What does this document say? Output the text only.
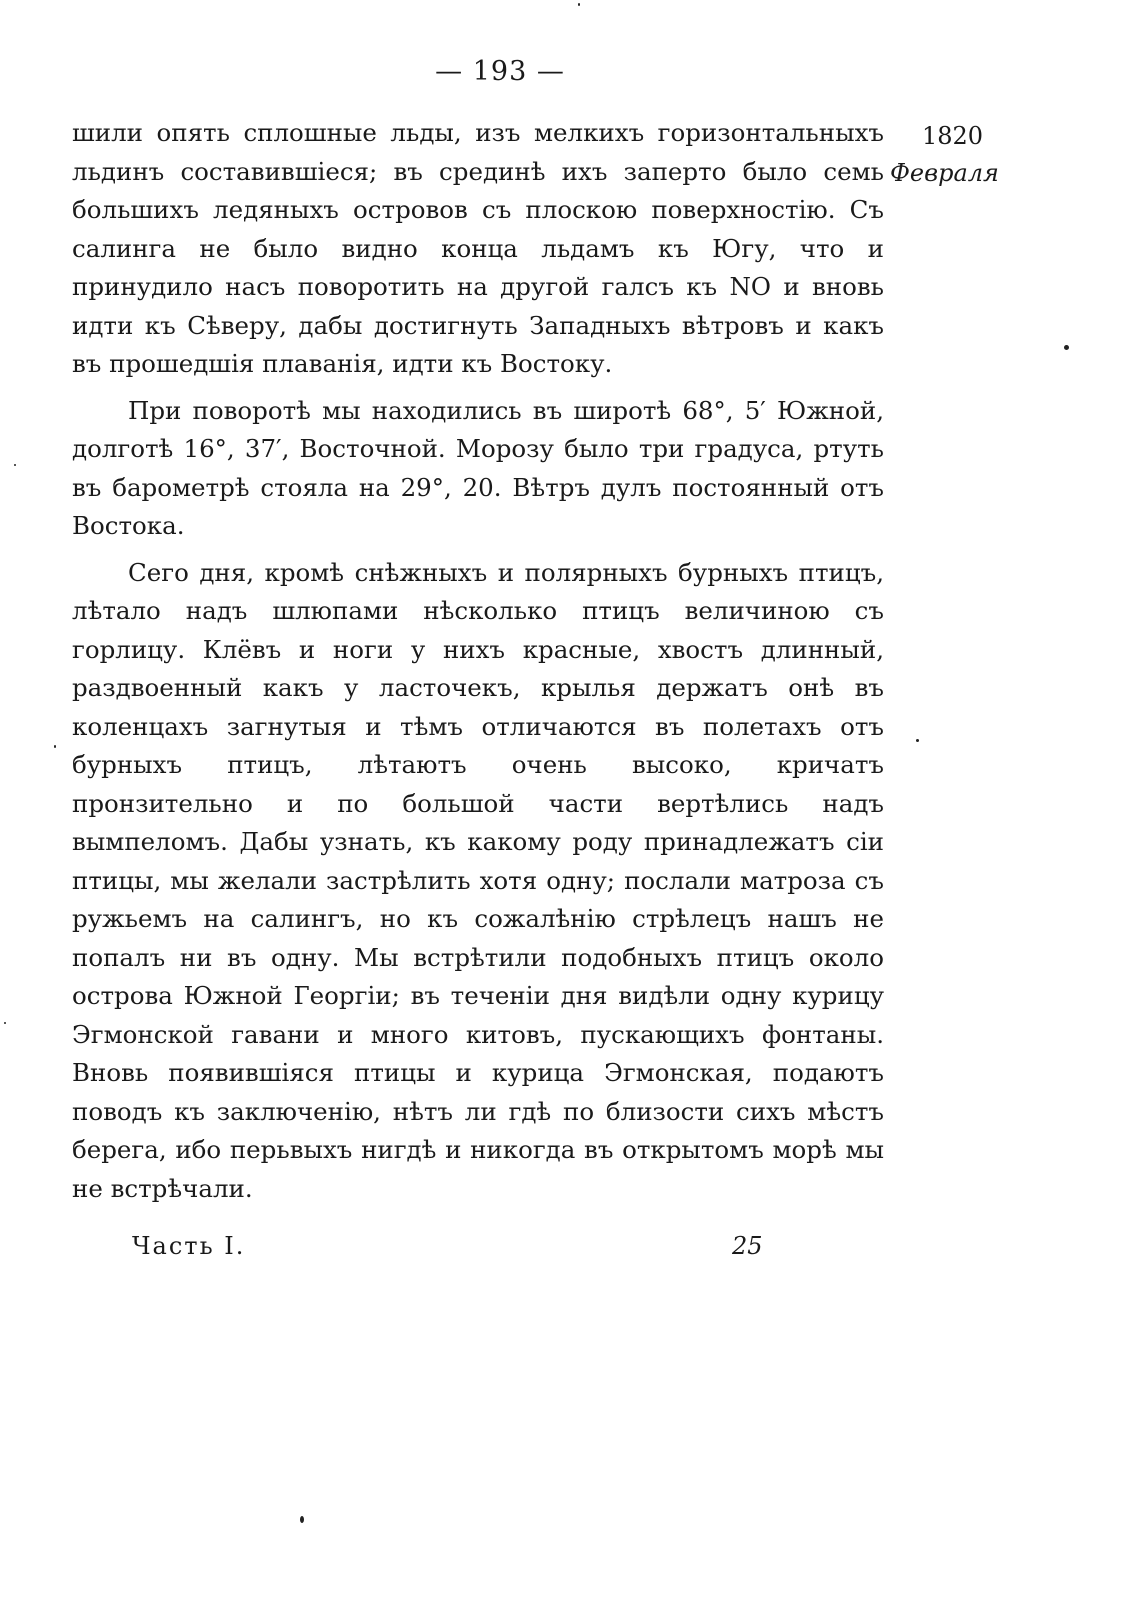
— 193 —
1820
Февраля

шили опять сплошные льды, изъ мелкихъ горизонтальныхъ льдинъ составившіеся; въ срединѣ ихъ заперто было семь большихъ ледяныхъ островов съ плоскою поверхностію. Съ салинга не было видно конца льдамъ къ Югу, что и принудило насъ поворотить на другой галсъ къ NO и вновь идти къ Сѣверу, дабы достигнуть Западныхъ вѣтровъ и какъ въ прошедшія плаванія, идти къ Востоку.

При поворотѣ мы находились въ широтѣ 68°, 5′ Южной, долготѣ 16°, 37′, Восточной. Морозу было три градуса, ртуть въ барометрѣ стояла на 29°, 20. Вѣтръ дулъ постоянный отъ Востока.

Сего дня, кромѣ снѣжныхъ и полярныхъ бурныхъ птицъ, лѣтало надъ шлюпами нѣсколько птицъ величиною съ горлицу. Клёвъ и ноги у нихъ красные, хвостъ длинный, раздвоенный какъ у ласточекъ, крылья держатъ онѣ въ коленцахъ загнутыя и тѣмъ отличаются въ полетахъ отъ бурныхъ птицъ, лѣтаютъ очень высоко, кричатъ пронзительно и по большой части вертѣлись надъ вымпеломъ. Дабы узнать, къ какому роду принадлежатъ сіи птицы, мы желали застрѣлить хотя одну; послали матроза съ ружьемъ на салингъ, но къ сожалѣнію стрѣлецъ нашъ не попалъ ни въ одну. Мы встрѣтили подобныхъ птицъ около острова Южной Георгіи; въ теченіи дня видѣли одну курицу Эгмонской гавани и много китовъ, пускающихъ фонтаны. Вновь появившіяся птицы и курица Эгмонская, подаютъ поводъ къ заключенію, нѣтъ ли гдѣ по близости сихъ мѣстъ берега, ибо перьвыхъ нигдѣ и никогда въ открытомъ морѣ мы не встрѣчали.

Часть I.	25
